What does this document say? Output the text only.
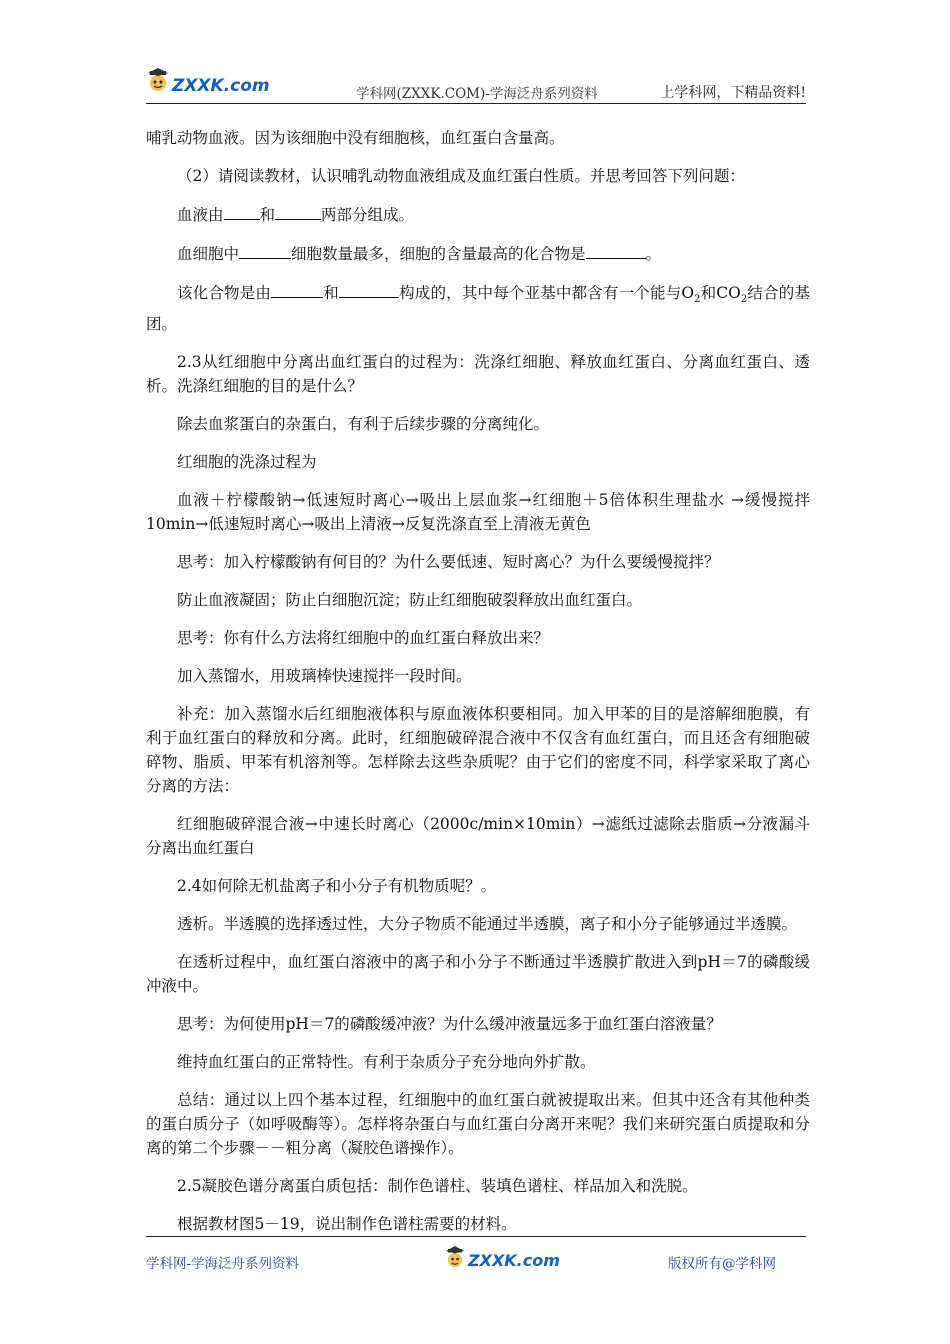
ZXXK.com	学科网(ZXXK.COM)-学海泛舟系列资料	上学科网，下精品资料!

哺乳动物血液。因为该细胞中没有细胞核，血红蛋白含量高。

（2）请阅读教材，认识哺乳动物血液组成及血红蛋白性质。并思考回答下列问题：

血液由 和	两部分组成。

血细胞中	细胞数量最多，细胞的含量最高的化合物是	。

该化合物是由	和	构成的，其中每个亚基中都含有一个能与$O_2$和$CO_2$结合的基团。

2.3从红细胞中分离出血红蛋白的过程为：洗涤红细胞、释放血红蛋白、分离血红蛋白、透析。洗涤红细胞的目的是什么？

除去血浆蛋白的杂蛋白，有利于后续步骤的分离纯化。

红细胞的洗涤过程为

血液＋柠檬酸钠→低速短时离心→吸出上层血浆→红细胞＋5倍体积生理盐水 →缓慢搅拌10min→低速短时离心→吸出上清液→反复洗涤直至上清液无黄色

思考：加入柠檬酸钠有何目的？为什么要低速、短时离心？为什么要缓慢搅拌？

防止血液凝固；防止白细胞沉淀；防止红细胞破裂释放出血红蛋白。

思考：你有什么方法将红细胞中的血红蛋白释放出来？

加入蒸馏水，用玻璃棒快速搅拌一段时间。

补充：加入蒸馏水后红细胞液体积与原血液体积要相同。加入甲苯的目的是溶解细胞膜，有利于血红蛋白的释放和分离。此时，红细胞破碎混合液中不仅含有血红蛋白，而且还含有细胞破碎物、脂质、甲苯有机溶剂等。怎样除去这些杂质呢？由于它们的密度不同，科学家采取了离心分离的方法：

红细胞破碎混合液→中速长时离心（2000c/min×10min）→滤纸过滤除去脂质→分液漏斗分离出血红蛋白

2.4如何除无机盐离子和小分子有机物质呢？。

透析。半透膜的选择透过性，大分子物质不能通过半透膜，离子和小分子能够通过半透膜。

在透析过程中，血红蛋白溶液中的离子和小分子不断通过半透膜扩散进入到pH＝7的磷酸缓冲液中。

思考：为何使用pH＝7的磷酸缓冲液？为什么缓冲液量远多于血红蛋白溶液量？

维持血红蛋白的正常特性。有利于杂质分子充分地向外扩散。

总结：通过以上四个基本过程，红细胞中的血红蛋白就被提取出来。但其中还含有其他种类的蛋白质分子（如呼吸酶等）。怎样将杂蛋白与血红蛋白分离开来呢？我们来研究蛋白质提取和分离的第二个步骤－－粗分离（凝胶色谱操作）。

2.5凝胶色谱分离蛋白质包括：制作色谱柱、装填色谱柱、样品加入和洗脱。

根据教材图5－19，说出制作色谱柱需要的材料。

学科网-学海泛舟系列资料	ZXXK.com	版权所有@学科网
